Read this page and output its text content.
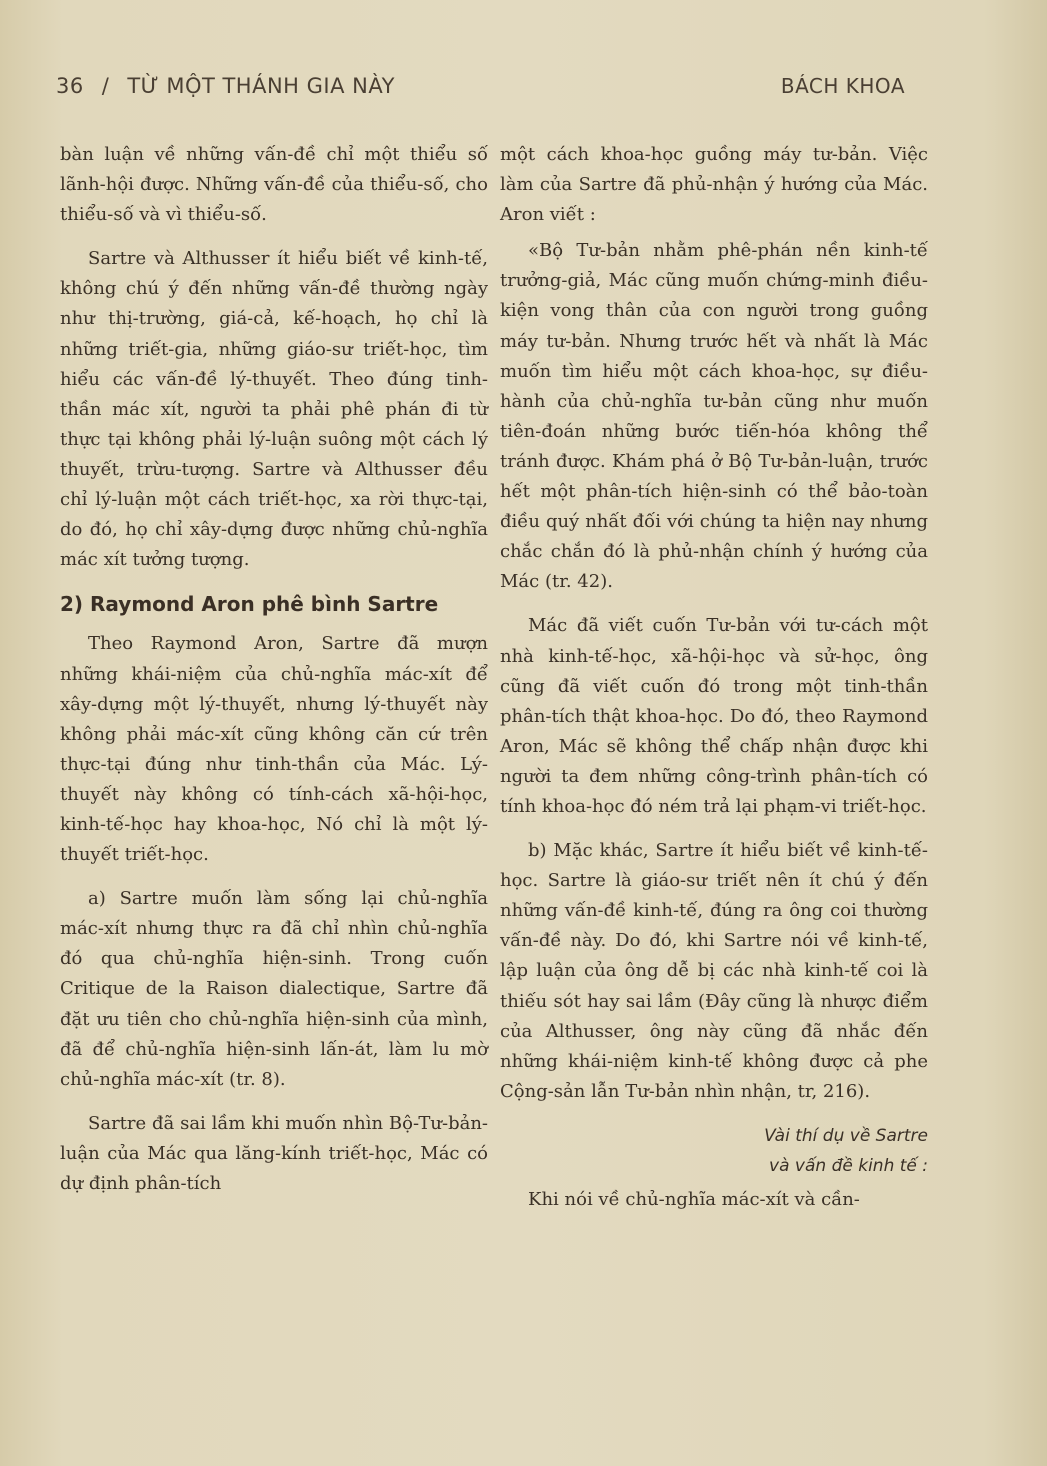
36 / TỪ MỘT THÁNH GIA NÀY	BÁCH KHOA

bàn luận về những vấn-đề chỉ một thiểu số lãnh-hội được. Những vấn-đề của thiểu-số, cho thiểu-số và vì thiểu-số.

Sartre và Althusser ít hiểu biết về kinh-tế, không chú ý đến những vấn-đề thường ngày như thị-trường, giá-cả, kế-hoạch, họ chỉ là những triết-gia, những giáo-sư triết-học, tìm hiểu các vấn-đề lý-thuyết. Theo đúng tinh-thần mác xít, người ta phải phê phán đi từ thực tại không phải lý-luận suông một cách lý thuyết, trừu-tượng. Sartre và Althusser đều chỉ lý-luận một cách triết-học, xa rời thực-tại, do đó, họ chỉ xây-dựng được những chủ-nghĩa mác xít tưởng tượng.

2) Raymond Aron phê bình Sartre

Theo Raymond Aron, Sartre đã mượn những khái-niệm của chủ-nghĩa mác-xít để xây-dựng một lý-thuyết, nhưng lý-thuyết này không phải mác-xít cũng không căn cứ trên thực-tại đúng như tinh-thần của Mác. Lý-thuyết này không có tính-cách xã-hội-học, kinh-tế-học hay khoa-học, Nó chỉ là một lý-thuyết triết-học.

a) Sartre muốn làm sống lại chủ-nghĩa mác-xít nhưng thực ra đã chỉ nhìn chủ-nghĩa đó qua chủ-nghĩa hiện-sinh. Trong cuốn Critique de la Raison dialectique, Sartre đã đặt ưu tiên cho chủ-nghĩa hiện-sinh của mình, đã để chủ-nghĩa hiện-sinh lấn-át, làm lu mờ chủ-nghĩa mác-xít (tr. 8).

Sartre đã sai lầm khi muốn nhìn Bộ-Tư-bản-luận của Mác qua lăng-kính triết-học, Mác có dự định phân-tích

một cách khoa-học guồng máy tư-bản. Việc làm của Sartre đã phủ-nhận ý hướng của Mác. Aron viết :

«Bộ Tư-bản nhằm phê-phán nền kinh-tế trưởng-giả, Mác cũng muốn chứng-minh điều-kiện vong thân của con người trong guồng máy tư-bản. Nhưng trước hết và nhất là Mác muốn tìm hiểu một cách khoa-học, sự điều-hành của chủ-nghĩa tư-bản cũng như muốn tiên-đoán những bước tiến-hóa không thể tránh được. Khám phá ở Bộ Tư-bản-luận, trước hết một phân-tích hiện-sinh có thể bảo-toàn điều quý nhất đối với chúng ta hiện nay nhưng chắc chắn đó là phủ-nhận chính ý hướng của Mác (tr. 42).

Mác đã viết cuốn Tư-bản với tư-cách một nhà kinh-tế-học, xã-hội-học và sử-học, ông cũng đã viết cuốn đó trong một tinh-thần phân-tích thật khoa-học. Do đó, theo Raymond Aron, Mác sẽ không thể chấp nhận được khi người ta đem những công-trình phân-tích có tính khoa-học đó ném trả lại phạm-vi triết-học.

b) Mặc khác, Sartre ít hiểu biết về kinh-tế-học. Sartre là giáo-sư triết nên ít chú ý đến những vấn-đề kinh-tế, đúng ra ông coi thường vấn-đề này. Do đó, khi Sartre nói về kinh-tế, lập luận của ông dễ bị các nhà kinh-tế coi là thiếu sót hay sai lầm (Đây cũng là nhược điểm của Althusser, ông này cũng đã nhắc đến những khái-niệm kinh-tế không được cả phe Cộng-sản lẫn Tư-bản nhìn nhận, tr, 216).

Vài thí dụ về Sartre
và vấn đề kinh tế :

Khi nói về chủ-nghĩa mác-xít và cần-
